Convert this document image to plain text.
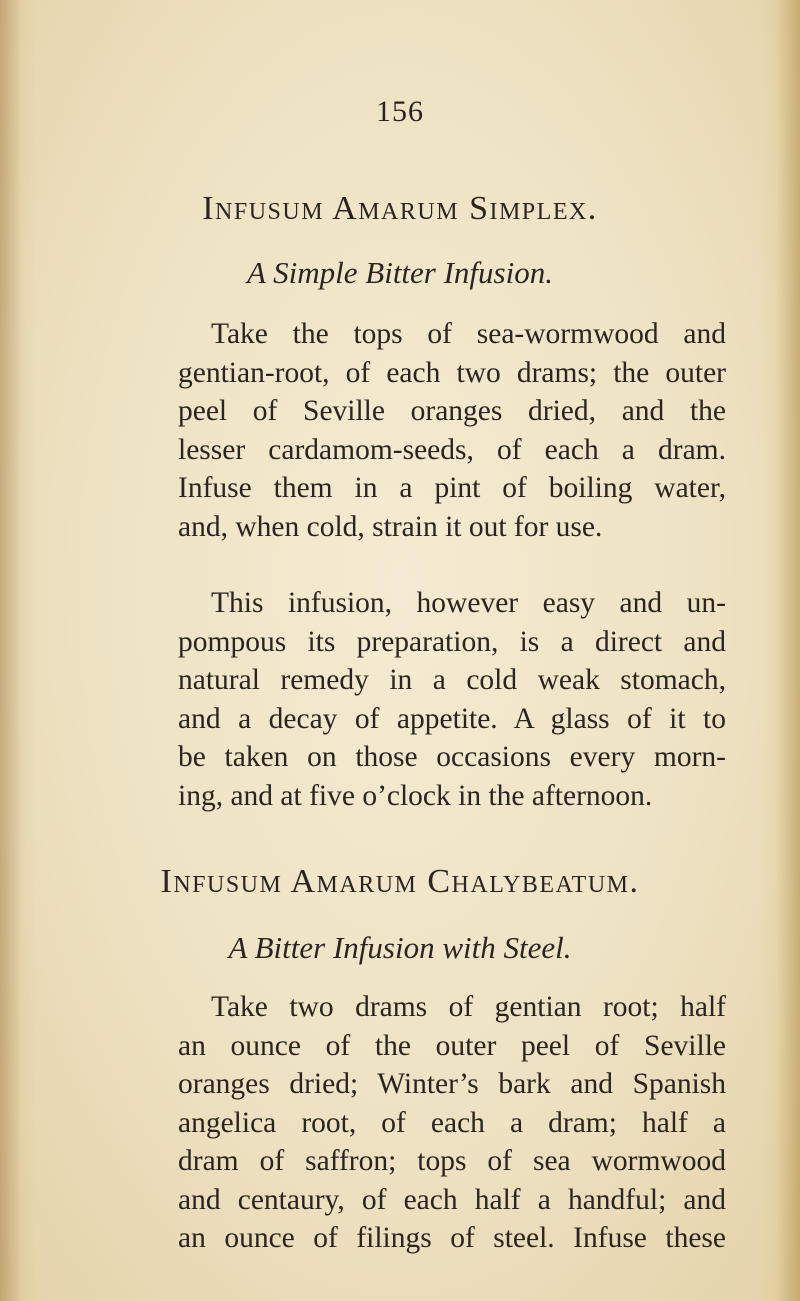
156
Infusum Amarum Simplex.
A Simple Bitter Infusion.
Take the tops of sea-wormwood and
gentian-root, of each two drams; the outer
peel of Seville oranges dried, and the
lesser cardamom-seeds, of each a dram.
Infuse them in a pint of boiling water,
and, when cold, strain it out for use.
This infusion, however easy and un-
pompous its preparation, is a direct and
natural remedy in a cold weak stomach,
and a decay of appetite. A glass of it to
be taken on those occasions every morn-
ing, and at five o’clock in the afternoon.
Infusum Amarum Chalybeatum.
A Bitter Infusion with Steel.
Take two drams of gentian root; half
an ounce of the outer peel of Seville
oranges dried; Winter’s bark and Spanish
angelica root, of each a dram; half a
dram of saffron; tops of sea wormwood
and centaury, of each half a handful; and
an ounce of filings of steel. Infuse these
